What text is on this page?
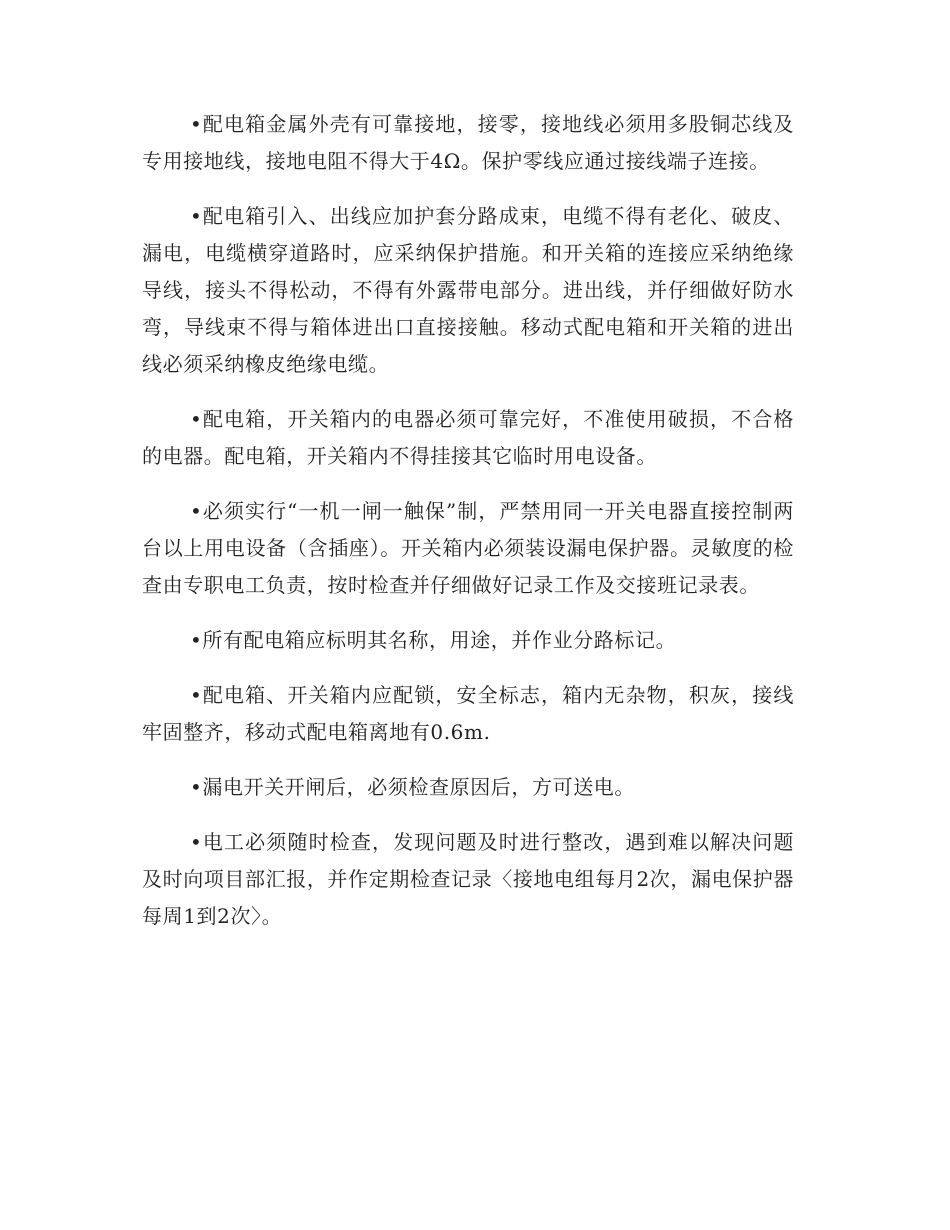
•配电箱金属外壳有可靠接地，接零，接地线必须用多股铜芯线及专用接地线，接地电阻不得大于4Ω。保护零线应通过接线端子连接。

•配电箱引入、出线应加护套分路成束，电缆不得有老化、破皮、漏电，电缆横穿道路时，应采纳保护措施。和开关箱的连接应采纳绝缘导线，接头不得松动，不得有外露带电部分。进出线，并仔细做好防水弯，导线束不得与箱体进出口直接接触。移动式配电箱和开关箱的进出线必须采纳橡皮绝缘电缆。

•配电箱，开关箱内的电器必须可靠完好，不准使用破损，不合格的电器。配电箱，开关箱内不得挂接其它临时用电设备。

•必须实行“一机一闸一触保”制，严禁用同一开关电器直接控制两台以上用电设备（含插座）。开关箱内必须装设漏电保护器。灵敏度的检查由专职电工负责，按时检查并仔细做好记录工作及交接班记录表。

•所有配电箱应标明其名称，用途，并作业分路标记。

•配电箱、开关箱内应配锁，安全标志，箱内无杂物，积灰，接线牢固整齐，移动式配电箱离地有0.6m.

•漏电开关开闸后，必须检查原因后，方可送电。

•电工必须随时检查，发现问题及时进行整改，遇到难以解决问题及时向项目部汇报，并作定期检查记录〈接地电组每月2次，漏电保护器每周1到2次〉。
